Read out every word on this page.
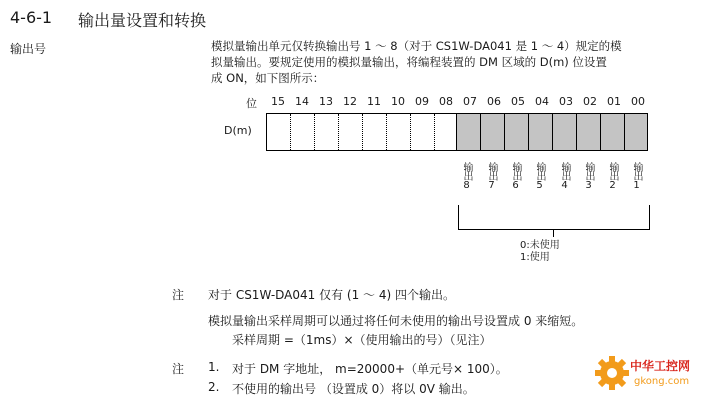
4-6-1 输出量设置和转换
输出号	模拟量输出单元仅转换输出号 1 ～ 8（对于 CS1W-DA041 是 1 ～ 4）规定的模
拟量输出。要规定使用的模拟量输出，将编程装置的 DM 区域的 D(m) 位设置
成 ON，如下图所示：
位	15 14 13 12 11 10 09 08 07 06 05 04 03 02 01 00
D(m)
输出8 输出7 输出6 输出5 输出4 输出3 输出2 输出1
0:未使用
1:使用
注 对于 CS1W-DA041 仅有 (1 ～ 4) 四个输出。
模拟量输出采样周期可以通过将任何未使用的输出号设置成 0 来缩短。
采样周期 =（1ms）×（使用输出的号）（见注）
注 1. 对于 DM 字地址， m=20000+（单元号× 100）。
2. 不使用的输出号 （设置成 0）将以 0V 输出。
中华工控网
gkong.com
